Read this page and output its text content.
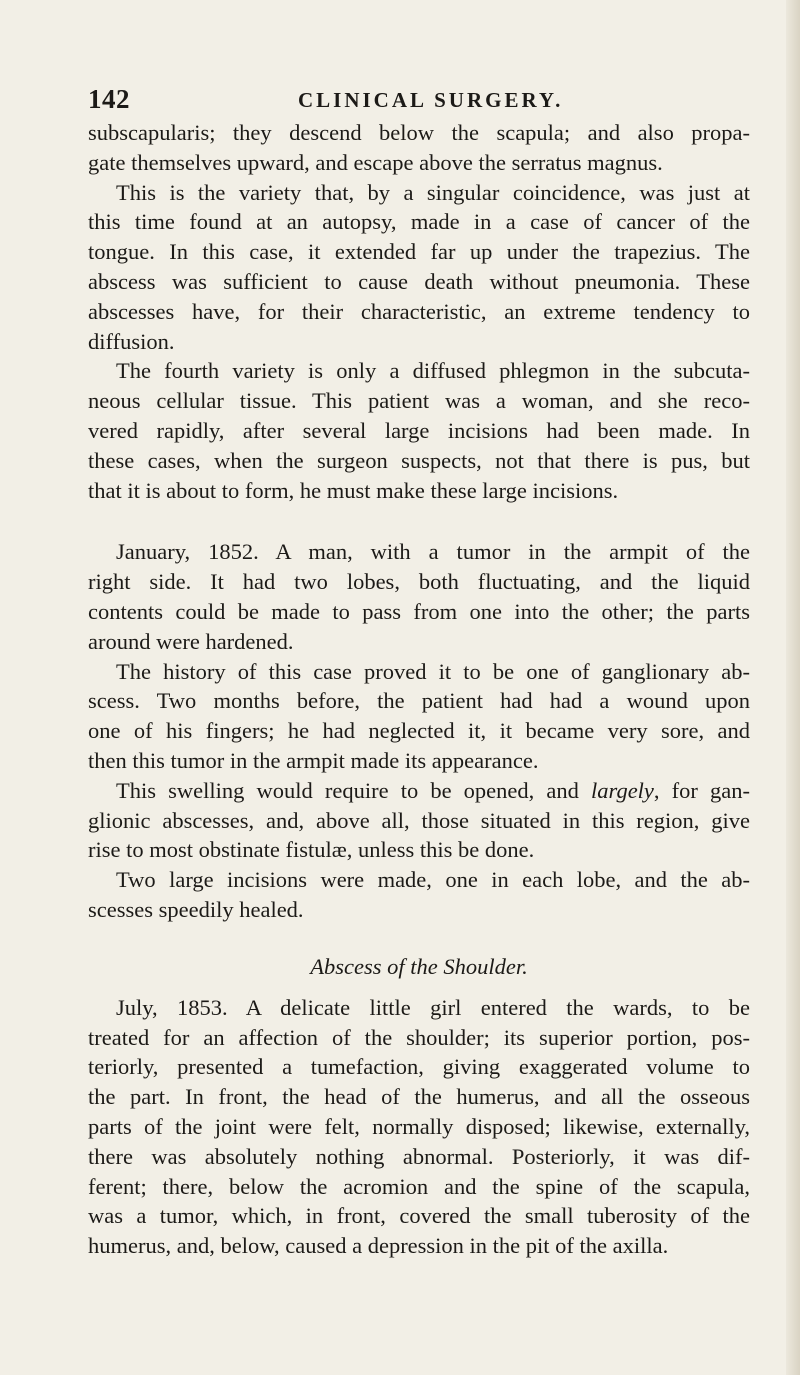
142	CLINICAL SURGERY.
subscapularis; they descend below the scapula; and also propa-
gate themselves upward, and escape above the serratus magnus.
This is the variety that, by a singular coincidence, was just at
this time found at an autopsy, made in a case of cancer of the
tongue. In this case, it extended far up under the trapezius. The
abscess was sufficient to cause death without pneumonia. These
abscesses have, for their characteristic, an extreme tendency to
diffusion.
The fourth variety is only a diffused phlegmon in the subcuta-
neous cellular tissue. This patient was a woman, and she reco-
vered rapidly, after several large incisions had been made. In
these cases, when the surgeon suspects, not that there is pus, but
that it is about to form, he must make these large incisions.
January, 1852. A man, with a tumor in the armpit of the
right side. It had two lobes, both fluctuating, and the liquid
contents could be made to pass from one into the other; the parts
around were hardened.
The history of this case proved it to be one of ganglionary ab-
scess. Two months before, the patient had had a wound upon
one of his fingers; he had neglected it, it became very sore, and
then this tumor in the armpit made its appearance.
This swelling would require to be opened, and largely, for gan-
glionic abscesses, and, above all, those situated in this region, give
rise to most obstinate fistulæ, unless this be done.
Two large incisions were made, one in each lobe, and the ab-
scesses speedily healed.
Abscess of the Shoulder.
July, 1853. A delicate little girl entered the wards, to be
treated for an affection of the shoulder; its superior portion, pos-
teriorly, presented a tumefaction, giving exaggerated volume to
the part. In front, the head of the humerus, and all the osseous
parts of the joint were felt, normally disposed; likewise, externally,
there was absolutely nothing abnormal. Posteriorly, it was dif-
ferent; there, below the acromion and the spine of the scapula,
was a tumor, which, in front, covered the small tuberosity of the
humerus, and, below, caused a depression in the pit of the axilla.
